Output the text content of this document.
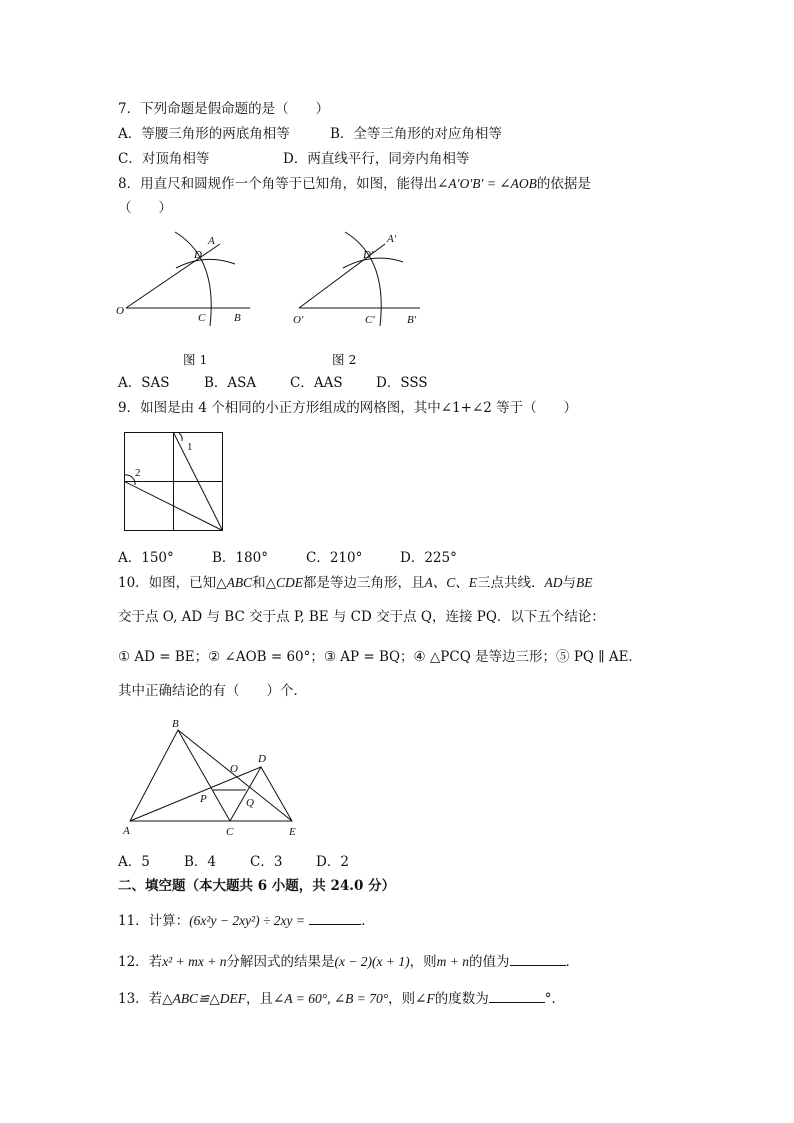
7．下列命题是假命题的是（　　）
A．等腰三角形的两底角相等	B．全等三角形的对应角相等
C．对顶角相等	D．两直线平行，同旁内角相等
8．用直尺和圆规作一个角等于已知角，如图，能得出∠A′O′B′ = ∠AOB的依据是
（　　）
O
A
D
C	B	O′
A′
D′
C′	B′
图 1	图 2
A．SAS	B．ASA	C．AAS D．SSS
9．如图是由 4 个相同的小正方形组成的网格图，其中∠1+∠2 等于（　　）
1
2
A．150°	B．180°	C．210°	D．225°
10．如图，已知△ABC和△CDE都是等边三角形，且A、C、E三点共线．AD与BE
交于点 O, AD 与 BC 交于点 P, BE 与 CD 交于点 Q，连接 PQ．以下五个结论：
① AD = BE；② ∠AOB = 60°；③ AP = BQ；④ △PCQ 是等边三形；⑤ PQ ∥ AE．
其中正确结论的有（　　）个．
A
B
C
D
E
O
P	Q
A．5	B．4	C．3 D．2
二、填空题（本大题共 6 小题，共 24.0 分）
11．计算：(6x²y − 2xy²) ÷ 2xy =	．
12．若x² + mx + n分解因式的结果是(x − 2)(x + 1)，则m + n的值为	．
13．若△ABC≌△DEF，且∠A = 60°, ∠B = 70°，则∠F的度数为	°．
